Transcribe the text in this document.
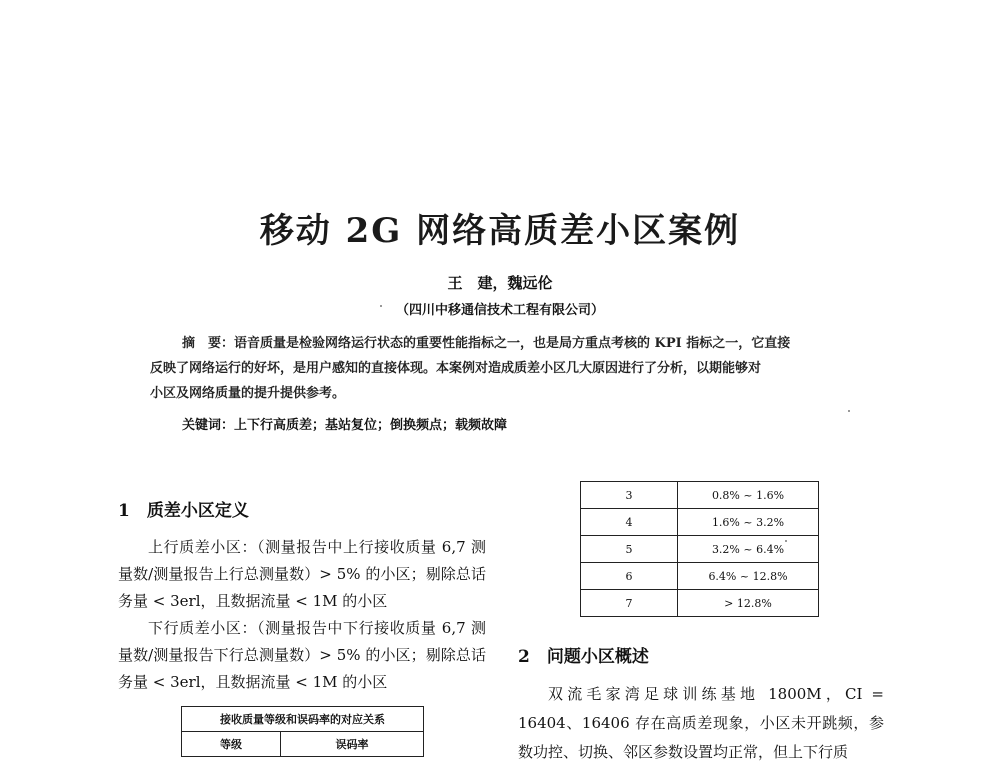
移动 2G 网络高质差小区案例
王　建，魏远伦
（四川中移通信技术工程有限公司）
摘　要：语音质量是检验网络运行状态的重要性能指标之一，也是局方重点考核的 KPI 指标之一，它直接
反映了网络运行的好坏，是用户感知的直接体现。本案例对造成质差小区几大原因进行了分析，以期能够对
小区及网络质量的提升提供参考。
关键词：上下行高质差；基站复位；倒换频点；载频故障
1　质差小区定义

上行质差小区：（测量报告中上行接收质量 6,7 测量数/测量报告上行总测量数）> 5% 的小区；剔除总话务量 < 3erl，且数据流量 < 1M 的小区

下行质差小区：（测量报告中下行接收质量 6,7 测量数/测量报告下行总测量数）> 5% 的小区；剔除总话务量 < 3erl，且数据流量 < 1M 的小区

接收质量等级和误码率的对应关系
等级	误码率
3	0.8% ~ 1.6%
4	1.6% ~ 3.2%
5	3.2% ~ 6.4%
6	6.4% ~ 12.8%
7	> 12.8%
2　问题小区概述

双流毛家湾足球训练基地 1800M，CI = 16404、16406 存在高质差现象，小区未开跳频，参数功控、切换、邻区参数设置均正常，但上下行质
